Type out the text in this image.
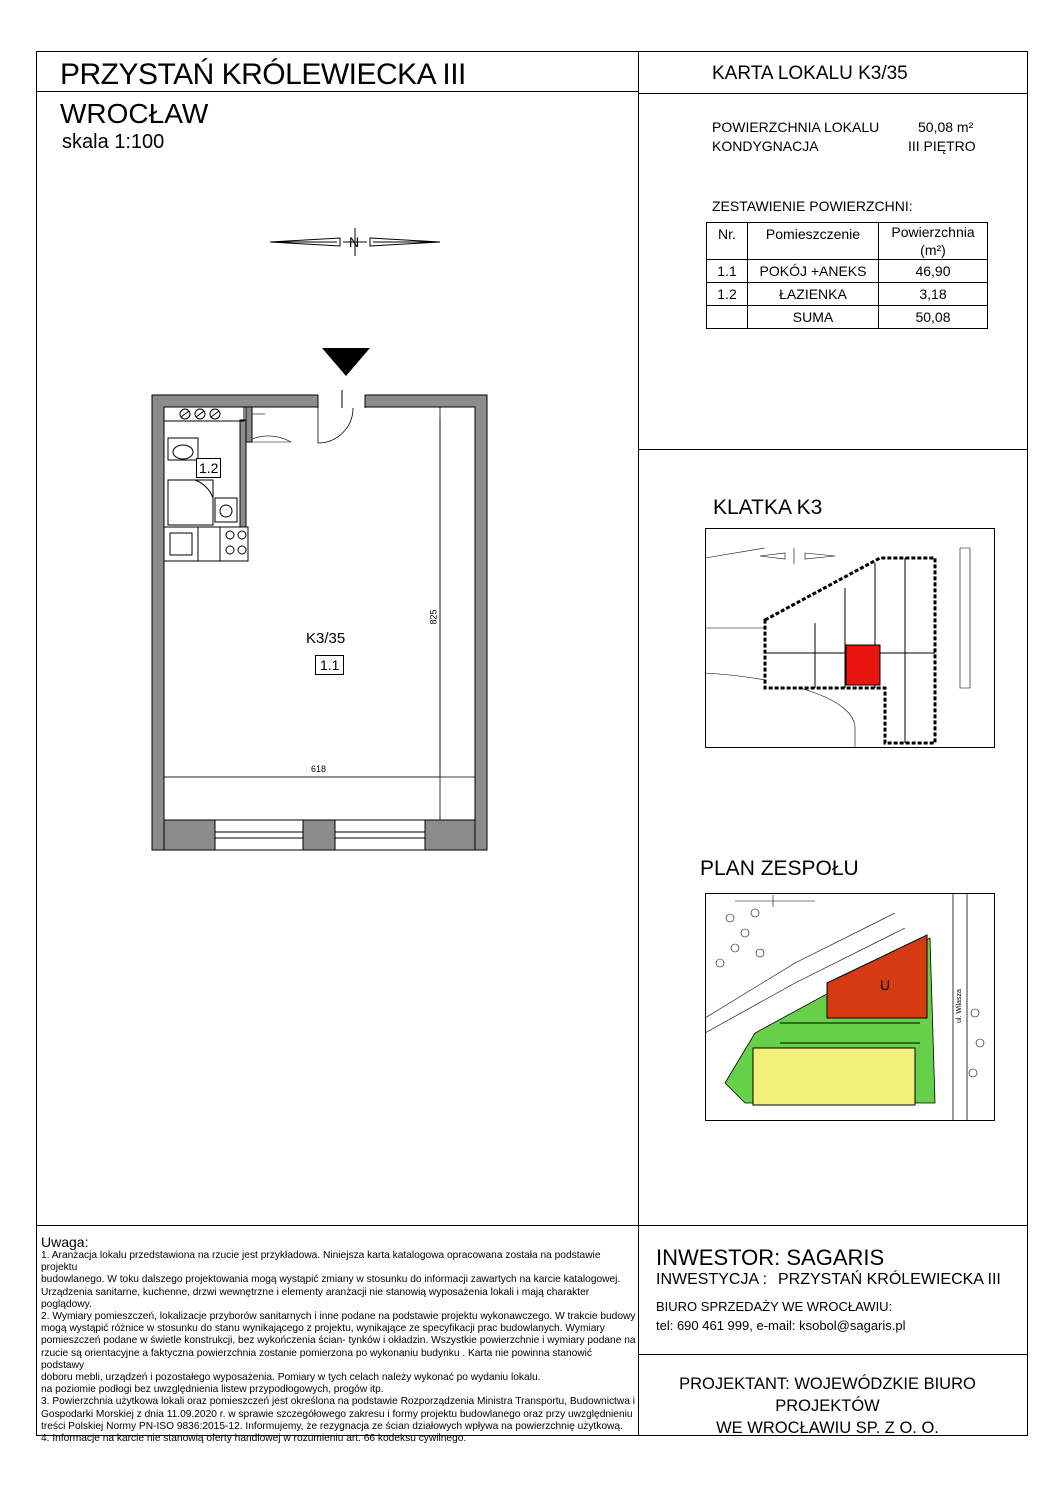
PRZYSTAŃ KRÓLEWIECKA III
WROCŁAW
skala 1:100
KARTA LOKALU K3/35
POWIERZCHNIA LOKALU	50,08 m²
KONDYGNACJA	III PIĘTRO
ZESTAWIENIE POWIERZCHNI:
Nr.	Pomieszczenie	Powierzchnia
		(m²)
1.1	POKÓJ +ANEKS	46,90
1.2	ŁAZIENKA	3,18
	SUMA	50,08
N
K3/35
1.1
1.2
618
825
KLATKA K3
PLAN ZESPOŁU
U
ul. Wilasza
Uwaga:
1. Aranżacja lokalu przedstawiona na rzucie jest przykładowa. Niniejsza karta katalogowa opracowana została na podstawie projektu
budowlanego. W toku dalszego projektowania mogą wystąpić zmiany w stosunku do informacji zawartych na karcie katalogowej.
Urządzenia sanitarne, kuchenne, drzwi wewnętrzne i elementy aranżacji nie stanowią wyposażenia lokali i mają charakter poglądowy.
2. Wymiary pomieszczeń, lokalizacje przyborów sanitarnych i inne podane na podstawie projektu wykonawczego. W trakcie budowy
mogą wystąpić różnice w stosunku do stanu wynikającego z projektu, wynikające ze specyfikacji prac budowlanych. Wymiary
pomieszczeń podane w świetle konstrukcji, bez wykończenia ścian- tynków i okładzin. Wszystkie powierzchnie i wymiary podane na
rzucie są orientacyjne a faktyczna powierzchnia zostanie pomierzona po wykonaniu budynku . Karta nie powinna stanowić podstawy
doboru mebli, urządzeń i pozostałego wyposażenia. Pomiary w tych celach należy wykonać po wydaniu lokalu.
na poziomie podłogi bez uwzględnienia listew przypodłogowych, progów itp.
3. Powierzchnia użytkowa lokali oraz pomieszczeń jest określona na podstawie Rozporządzenia Ministra Transportu, Budownictwa i
Gospodarki Morskiej z dnia 11.09.2020 r. w sprawie szczegółowego zakresu i formy projektu budowlanego oraz przy uwzględnieniu
treści Polskiej Normy PN-ISO 9836:2015-12. Informujemy, że rezygnacja ze ścian działowych wpływa na powierzchnię użytkową.
4. Informacje na karcie nie stanowią oferty handlowej w rozumieniu art. 66 kodeksu cywilnego.
INWESTOR: SAGARIS
INWESTYCJA : PRZYSTAŃ KRÓLEWIECKA III
BIURO SPRZEDAŻY WE WROCŁAWIU:
tel: 690 461 999, e-mail: ksobol@sagaris.pl
PROJEKTANT: WOJEWÓDZKIE BIURO PROJEKTÓW
WE WROCŁAWIU SP. Z O. O.
